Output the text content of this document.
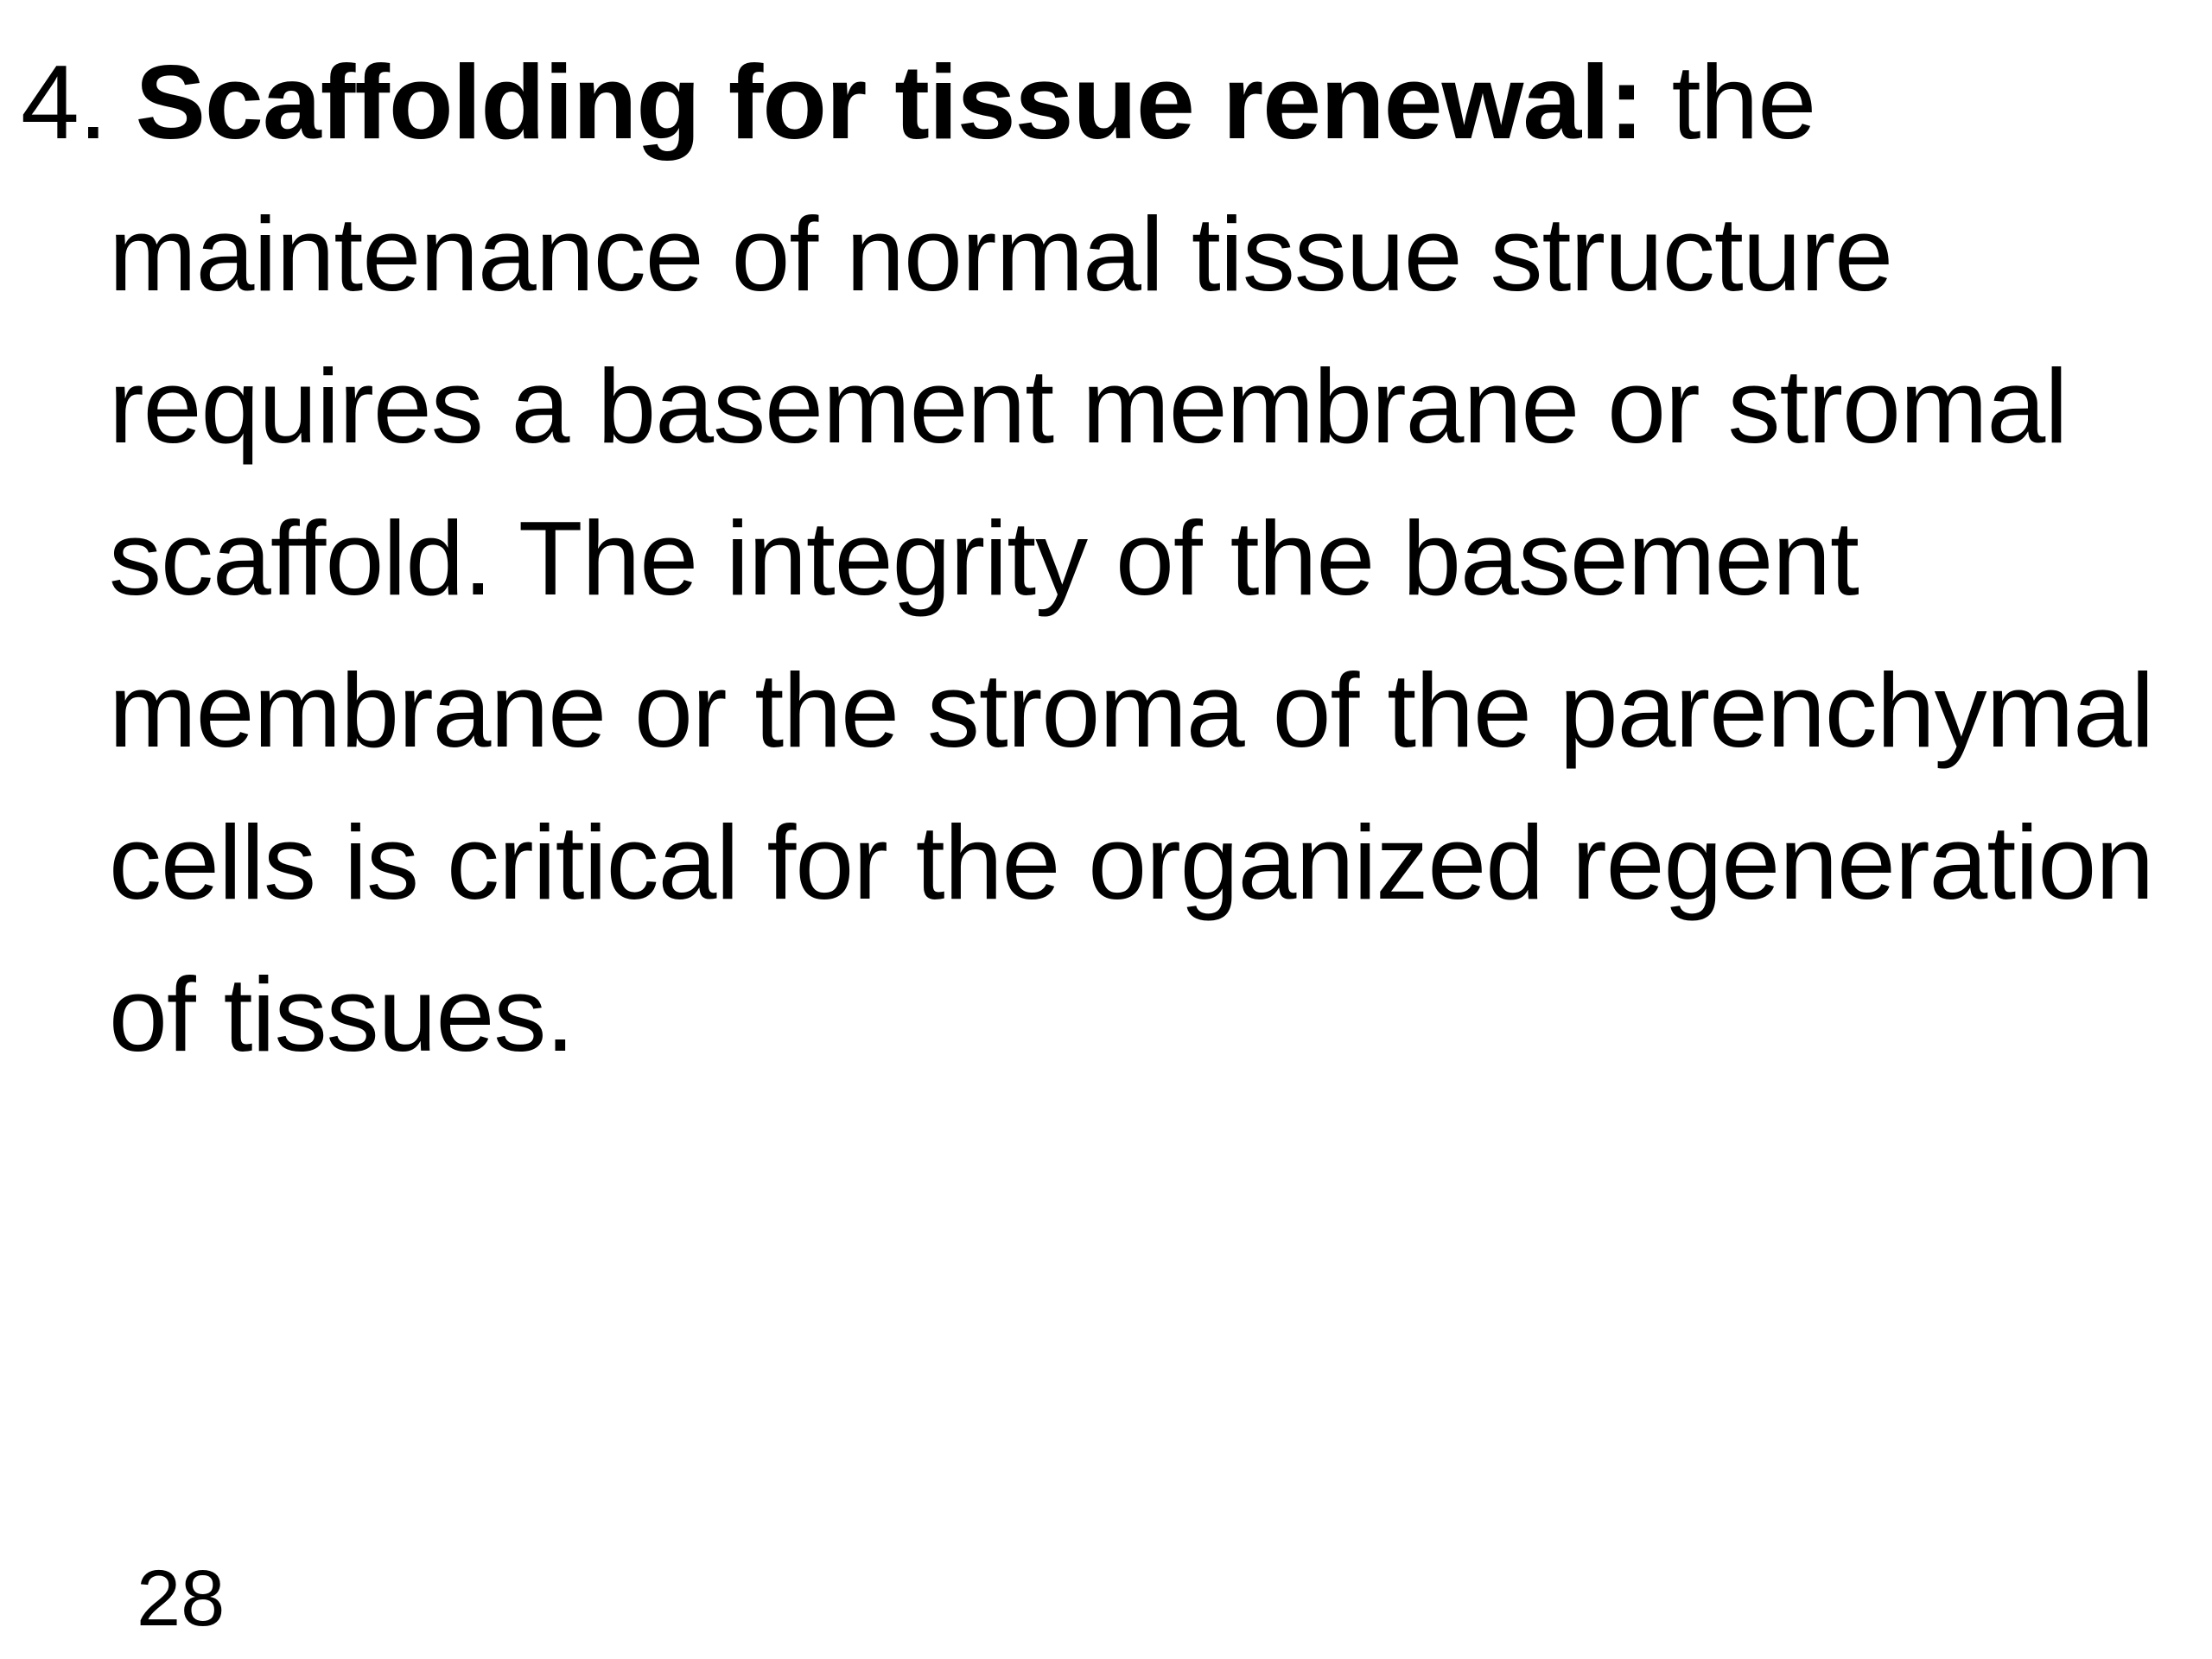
4. Scaffolding for tissue renewal: the maintenance of normal tissue structure requires a basement membrane or stromal scaffold. The integrity of the basement membrane or the stroma of the parenchymal cells is critical for the organized regeneration of tissues.

28
